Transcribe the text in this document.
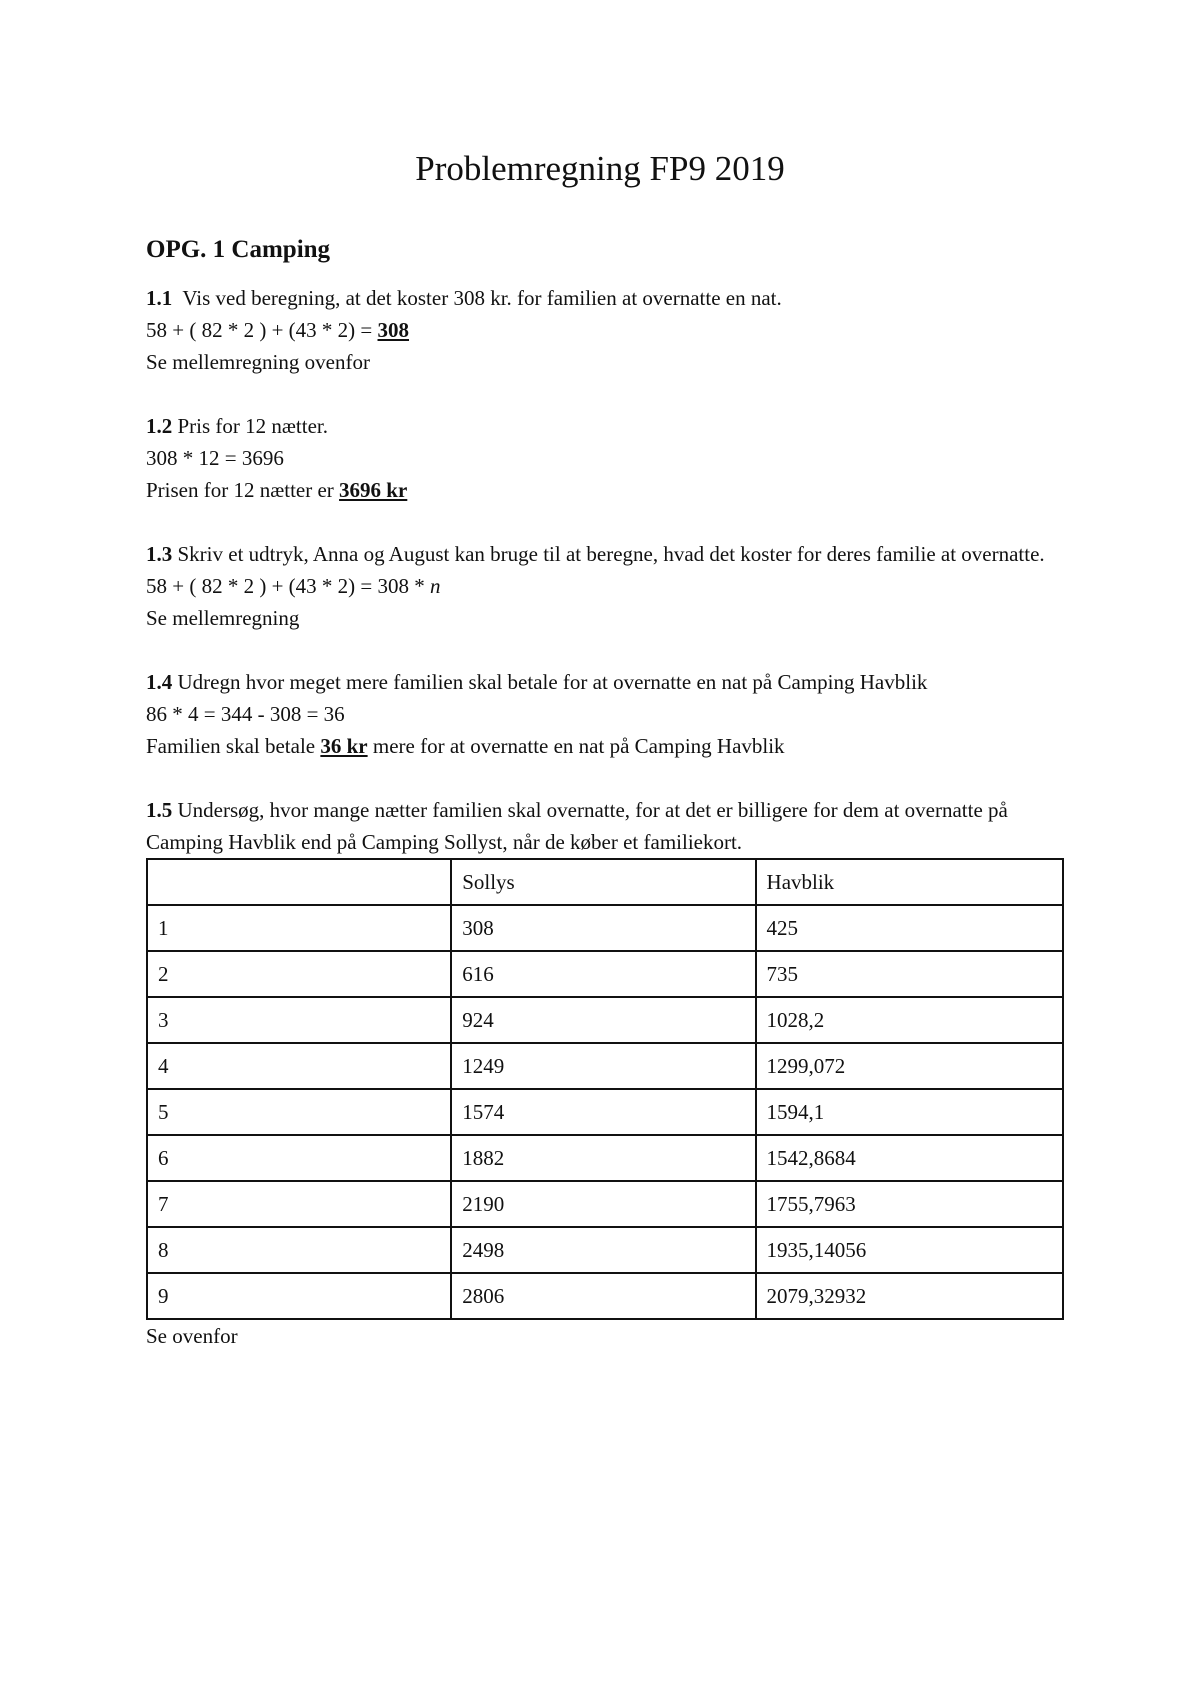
Problemregning FP9 2019
OPG. 1 Camping
1.1 Vis ved beregning, at det koster 308 kr. for familien at overnatte en nat.
58 + ( 82 * 2 ) + (43 * 2) = 308
Se mellemregning ovenfor
1.2 Pris for 12 nætter.
308 * 12 = 3696
Prisen for 12 nætter er 3696 kr
1.3 Skriv et udtryk, Anna og August kan bruge til at beregne, hvad det koster for deres familie at overnatte.
58 + ( 82 * 2 ) + (43 * 2) = 308 * n
Se mellemregning
1.4 Udregn hvor meget mere familien skal betale for at overnatte en nat på Camping Havblik
86 * 4 = 344 - 308 = 36
Familien skal betale 36 kr mere for at overnatte en nat på Camping Havblik
1.5 Undersøg, hvor mange nætter familien skal overnatte, for at det er billigere for dem at overnatte på Camping Havblik end på Camping Sollyst, når de køber et familiekort.
	Sollys	Havblik
1	308	425
2	616	735
3	924	1028,2
4	1249	1299,072
5	1574	1594,1
6	1882	1542,8684
7	2190	1755,7963
8	2498	1935,14056
9	2806	2079,32932
Se ovenfor
